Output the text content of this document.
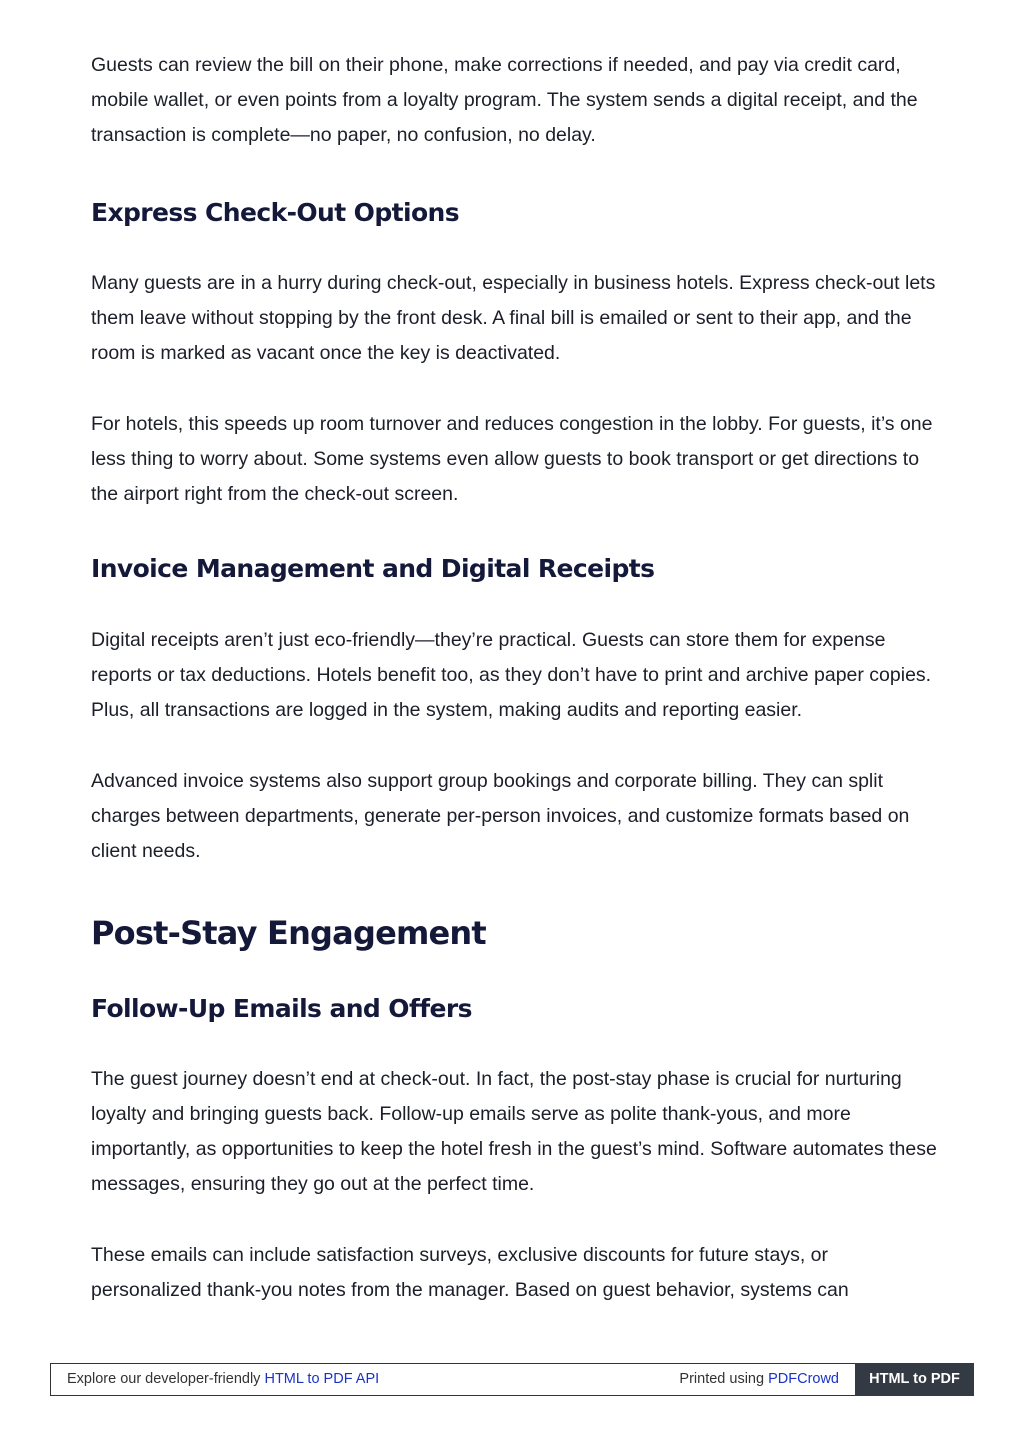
Guests can review the bill on their phone, make corrections if needed, and pay via credit card, mobile wallet, or even points from a loyalty program. The system sends a digital receipt, and the transaction is complete—no paper, no confusion, no delay.

Express Check-Out Options

Many guests are in a hurry during check-out, especially in business hotels. Express check-out lets them leave without stopping by the front desk. A final bill is emailed or sent to their app, and the room is marked as vacant once the key is deactivated.

For hotels, this speeds up room turnover and reduces congestion in the lobby. For guests, it’s one less thing to worry about. Some systems even allow guests to book transport or get directions to the airport right from the check-out screen.

Invoice Management and Digital Receipts

Digital receipts aren’t just eco-friendly—they’re practical. Guests can store them for expense reports or tax deductions. Hotels benefit too, as they don’t have to print and archive paper copies. Plus, all transactions are logged in the system, making audits and reporting easier.

Advanced invoice systems also support group bookings and corporate billing. They can split charges between departments, generate per-person invoices, and customize formats based on client needs.

Post-Stay Engagement
Follow-Up Emails and Offers

The guest journey doesn’t end at check-out. In fact, the post-stay phase is crucial for nurturing loyalty and bringing guests back. Follow-up emails serve as polite thank-yous, and more importantly, as opportunities to keep the hotel fresh in the guest’s mind. Software automates these messages, ensuring they go out at the perfect time.

These emails can include satisfaction surveys, exclusive discounts for future stays, or personalized thank-you notes from the manager. Based on guest behavior, systems can

Explore our developer-friendly HTML to PDF API	Printed using PDFCrowd	HTML to PDF
